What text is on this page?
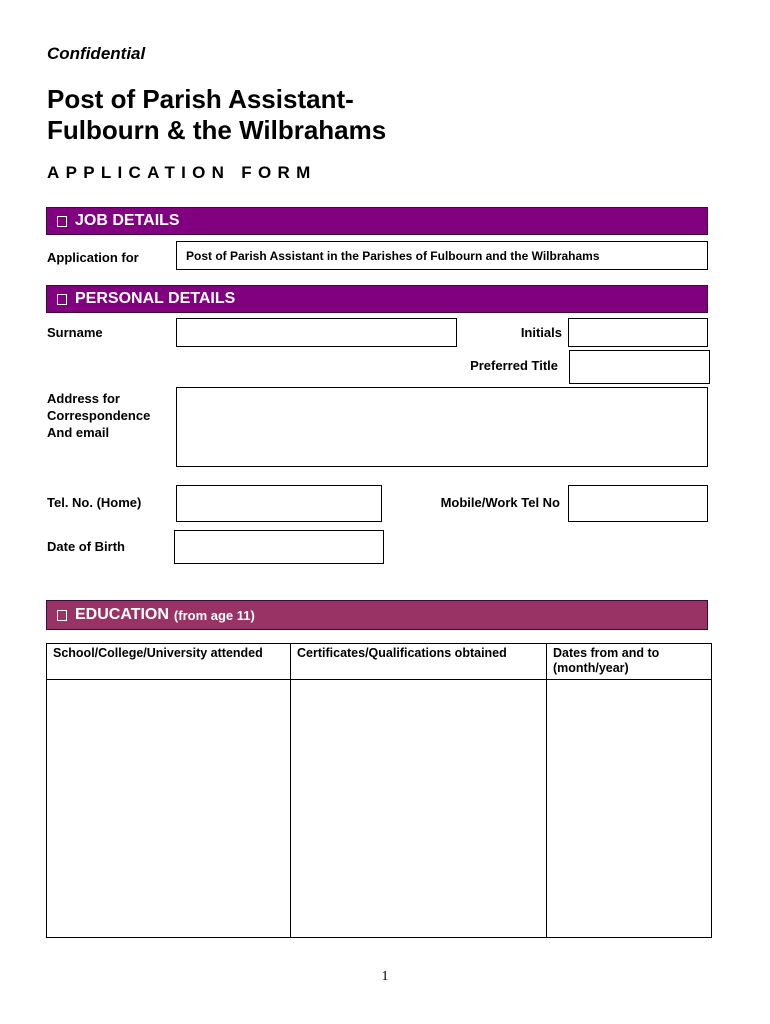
Confidential
Post of Parish Assistant-
Fulbourn & the Wilbrahams
APPLICATION FORM
JOB DETAILS
Application for	Post of Parish Assistant in the Parishes of Fulbourn and the Wilbrahams
PERSONAL DETAILS
Surname	Initials
Preferred Title
Address for
Correspondence
And email
Tel. No. (Home)	Mobile/Work Tel No
Date of Birth
EDUCATION (from age 11)
School/College/University attended	Certificates/Qualifications obtained	Dates from and to (month/year)

1
